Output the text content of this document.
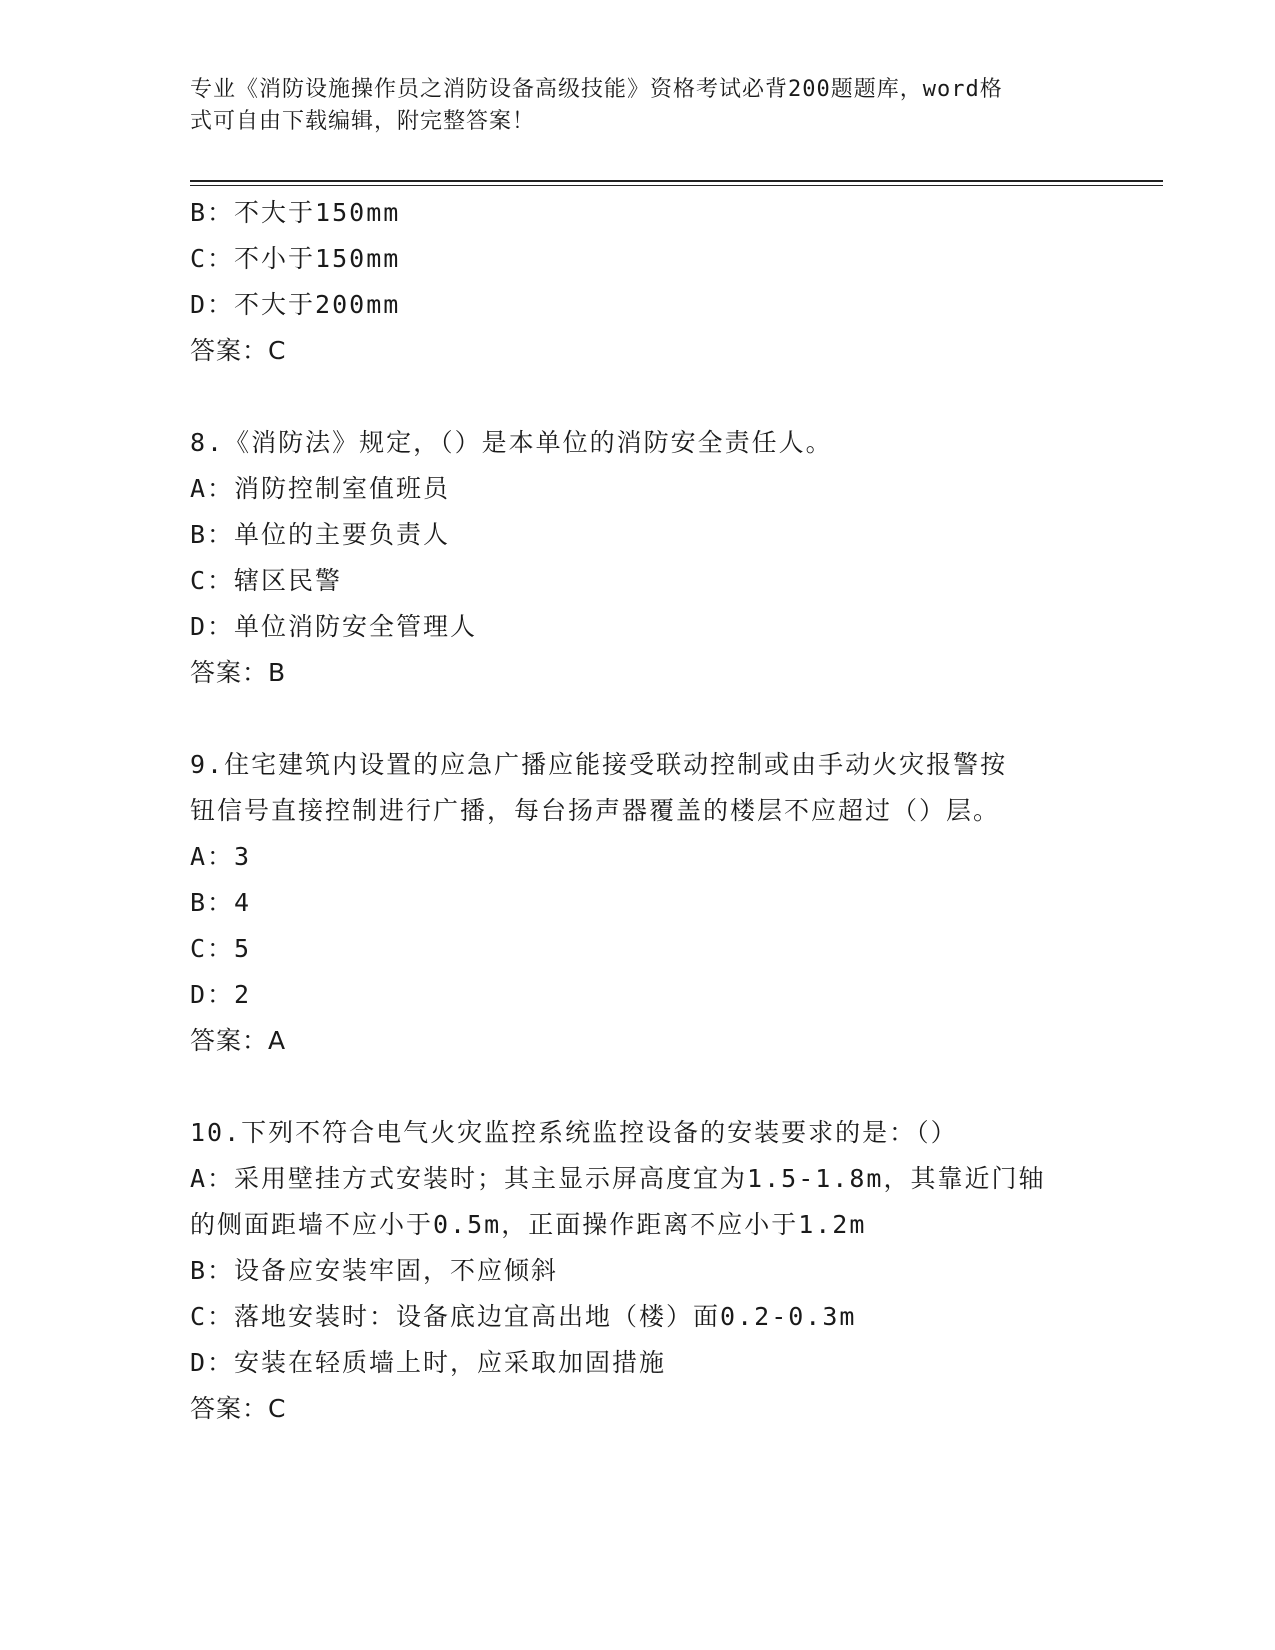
专业《消防设施操作员之消防设备高级技能》资格考试必背200题题库，word格
式可自由下载编辑，附完整答案！
B：不大于150mm
C：不小于150mm
D：不大于200mm
答案：C
8.《消防法》规定，（）是本单位的消防安全责任人。
A：消防控制室值班员
B：单位的主要负责人
C：辖区民警
D：单位消防安全管理人
答案：B
9.住宅建筑内设置的应急广播应能接受联动控制或由手动火灾报警按
钮信号直接控制进行广播，每台扬声器覆盖的楼层不应超过（）层。
A：3
B：4
C：5
D：2
答案：A
10.下列不符合电气火灾监控系统监控设备的安装要求的是：（）
A：采用壁挂方式安装时；其主显示屏高度宜为1.5-1.8m，其靠近门轴
的侧面距墙不应小于0.5m，正面操作距离不应小于1.2m
B：设备应安装牢固，不应倾斜
C：落地安装时：设备底边宜高出地（楼）面0.2-0.3m
D：安装在轻质墙上时，应采取加固措施
答案：C
